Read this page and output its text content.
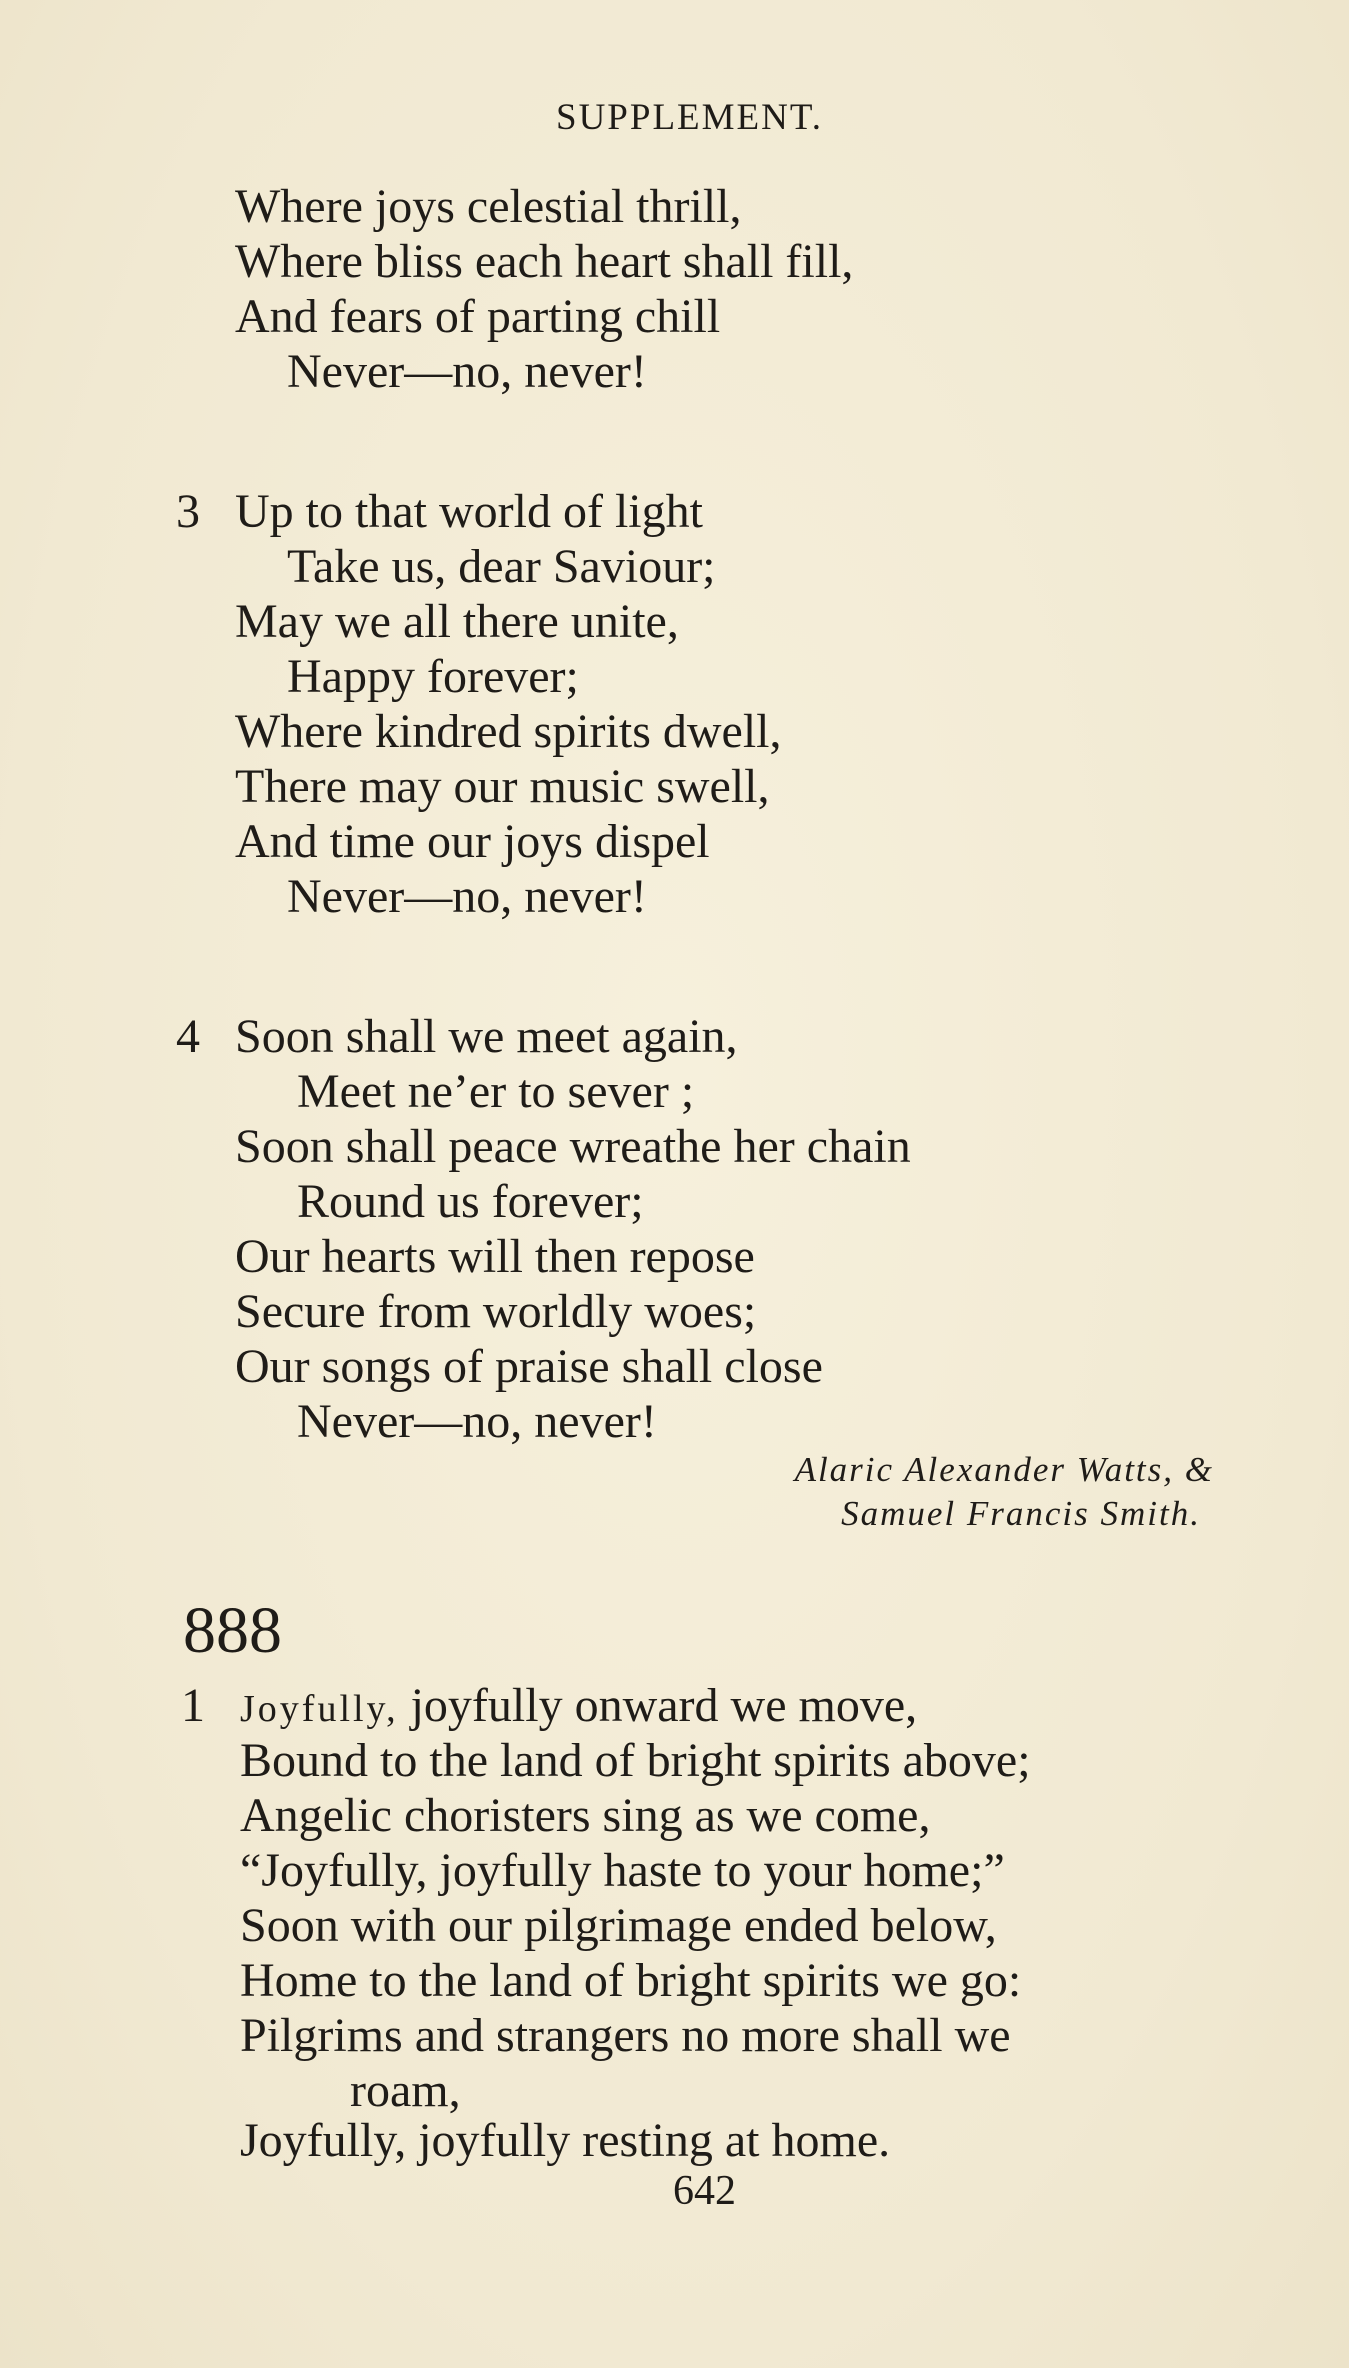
SUPPLEMENT.
Where joys celestial thrill,
Where bliss each heart shall fill,
And fears of parting chill
Never—no, never!
3 Up to that world of light
Take us, dear Saviour;
May we all there unite,
Happy forever;
Where kindred spirits dwell,
There may our music swell,
And time our joys dispel
Never—no, never!
4 Soon shall we meet again,
Meet ne’er to sever ;
Soon shall peace wreathe her chain
Round us forever;
Our hearts will then repose
Secure from worldly woes;
Our songs of praise shall close
Never—no, never!
Alaric Alexander Watts, &
Samuel Francis Smith.
888
1 Joyfully, joyfully onward we move,
Bound to the land of bright spirits above;
Angelic choristers sing as we come,
“Joyfully, joyfully haste to your home;”
Soon with our pilgrimage ended below,
Home to the land of bright spirits we go:
Pilgrims and strangers no more shall we
roam,
Joyfully, joyfully resting at home.
642
